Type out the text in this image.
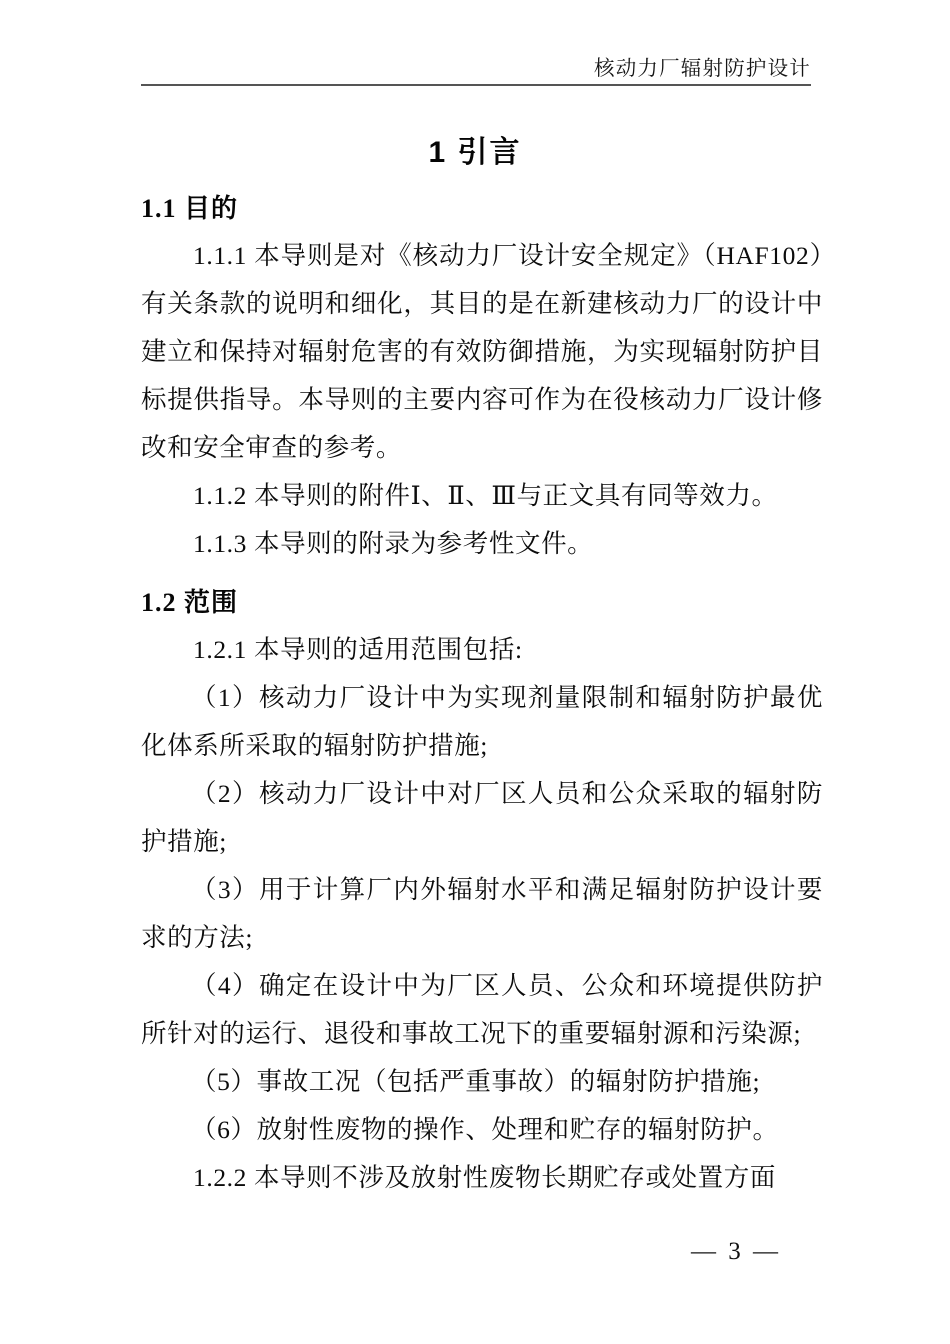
核动力厂辐射防护设计
1 引言
1.1 目的

1.1.1 本导则是对《核动力厂设计安全规定》（HAF102）有关条款的说明和细化，其目的是在新建核动力厂的设计中建立和保持对辐射危害的有效防御措施，为实现辐射防护目标提供指导。本导则的主要内容可作为在役核动力厂设计修改和安全审查的参考。

1.1.2 本导则的附件Ⅰ、Ⅱ、Ⅲ与正文具有同等效力。

1.1.3 本导则的附录为参考性文件。

1.2 范围

1.2.1 本导则的适用范围包括:

（1）核动力厂设计中为实现剂量限制和辐射防护最优化体系所采取的辐射防护措施;

（2）核动力厂设计中对厂区人员和公众采取的辐射防护措施;

（3）用于计算厂内外辐射水平和满足辐射防护设计要求的方法;

（4）确定在设计中为厂区人员、公众和环境提供防护所针对的运行、退役和事故工况下的重要辐射源和污染源;

（5）事故工况（包括严重事故）的辐射防护措施;

（6）放射性废物的操作、处理和贮存的辐射防护。

1.2.2 本导则不涉及放射性废物长期贮存或处置方面

— 3 —
